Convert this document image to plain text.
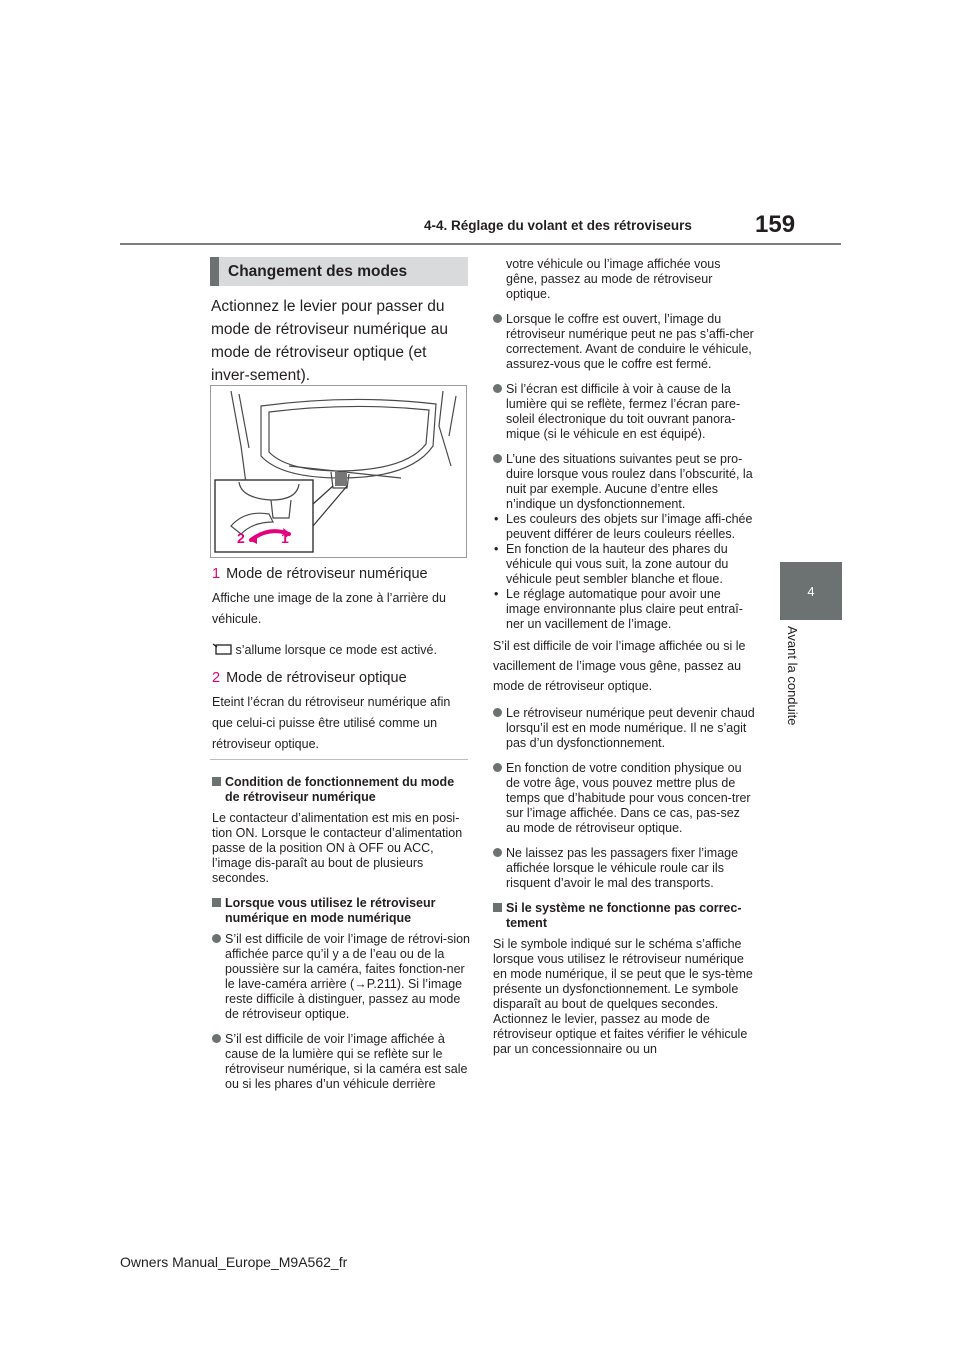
4-4. Réglage du volant et des rétroviseurs	159
4
Avant la conduite
Changement des modes
Actionnez le levier pour passer du mode de rétroviseur numérique au mode de rétroviseur optique (et inver-sement).
2	1
1 Mode de rétroviseur numérique
Affiche une image de la zone à l’arrière du véhicule.
s’allume lorsque ce mode est activé.
2 Mode de rétroviseur optique
Eteint l’écran du rétroviseur numérique afin que celui-ci puisse être utilisé comme un rétroviseur optique.

Condition de fonctionnement du mode de rétroviseur numérique

Le contacteur d’alimentation est mis en posi-tion ON. Lorsque le contacteur d’alimentation passe de la position ON à OFF ou ACC, l’image dis-paraît au bout de plusieurs secondes.

Lorsque vous utilisez le rétroviseur numérique en mode numérique

S’il est difficile de voir l’image de rétrovi-sion affichée parce qu’il y a de l’eau ou de la poussière sur la caméra, faites fonction-ner le lave-caméra arrière (→P.211). Si l’image reste difficile à distinguer, passez au mode de rétroviseur optique.

S’il est difficile de voir l’image affichée à cause de la lumière qui se reflète sur le rétroviseur numérique, si la caméra est sale ou si les phares d’un véhicule derrière

votre véhicule ou l’image affichée vous gêne, passez au mode de rétroviseur optique.

Lorsque le coffre est ouvert, l’image du rétroviseur numérique peut ne pas s’affi-cher correctement. Avant de conduire le véhicule, assurez-vous que le coffre est fermé.

Si l’écran est difficile à voir à cause de la lumière qui se reflète, fermez l’écran pare-soleil électronique du toit ouvrant panora-mique (si le véhicule en est équipé).

L’une des situations suivantes peut se pro-duire lorsque vous roulez dans l’obscurité, la nuit par exemple. Aucune d’entre elles n’indique un dysfonctionnement.

• Les couleurs des objets sur l’image affi-chée peuvent différer de leurs couleurs réelles.

• En fonction de la hauteur des phares du véhicule qui vous suit, la zone autour du véhicule peut sembler blanche et floue.

• Le réglage automatique pour avoir une image environnante plus claire peut entraî-ner un vacillement de l’image.

S’il est difficile de voir l’image affichée ou si le vacillement de l’image vous gêne, passez au mode de rétroviseur optique.

Le rétroviseur numérique peut devenir chaud lorsqu’il est en mode numérique. Il ne s’agit pas d’un dysfonctionnement.

En fonction de votre condition physique ou de votre âge, vous pouvez mettre plus de temps que d’habitude pour vous concen-trer sur l’image affichée. Dans ce cas, pas-sez au mode de rétroviseur optique.

Ne laissez pas les passagers fixer l’image affichée lorsque le véhicule roule car ils risquent d’avoir le mal des transports.

Si le système ne fonctionne pas correc-tement

Si le symbole indiqué sur le schéma s’affiche lorsque vous utilisez le rétroviseur numérique en mode numérique, il se peut que le sys-tème présente un dysfonctionnement. Le symbole disparaît au bout de quelques secondes. Actionnez le levier, passez au mode de rétroviseur optique et faites vérifier le véhicule par un concessionnaire ou un

Owners Manual_Europe_M9A562_fr
